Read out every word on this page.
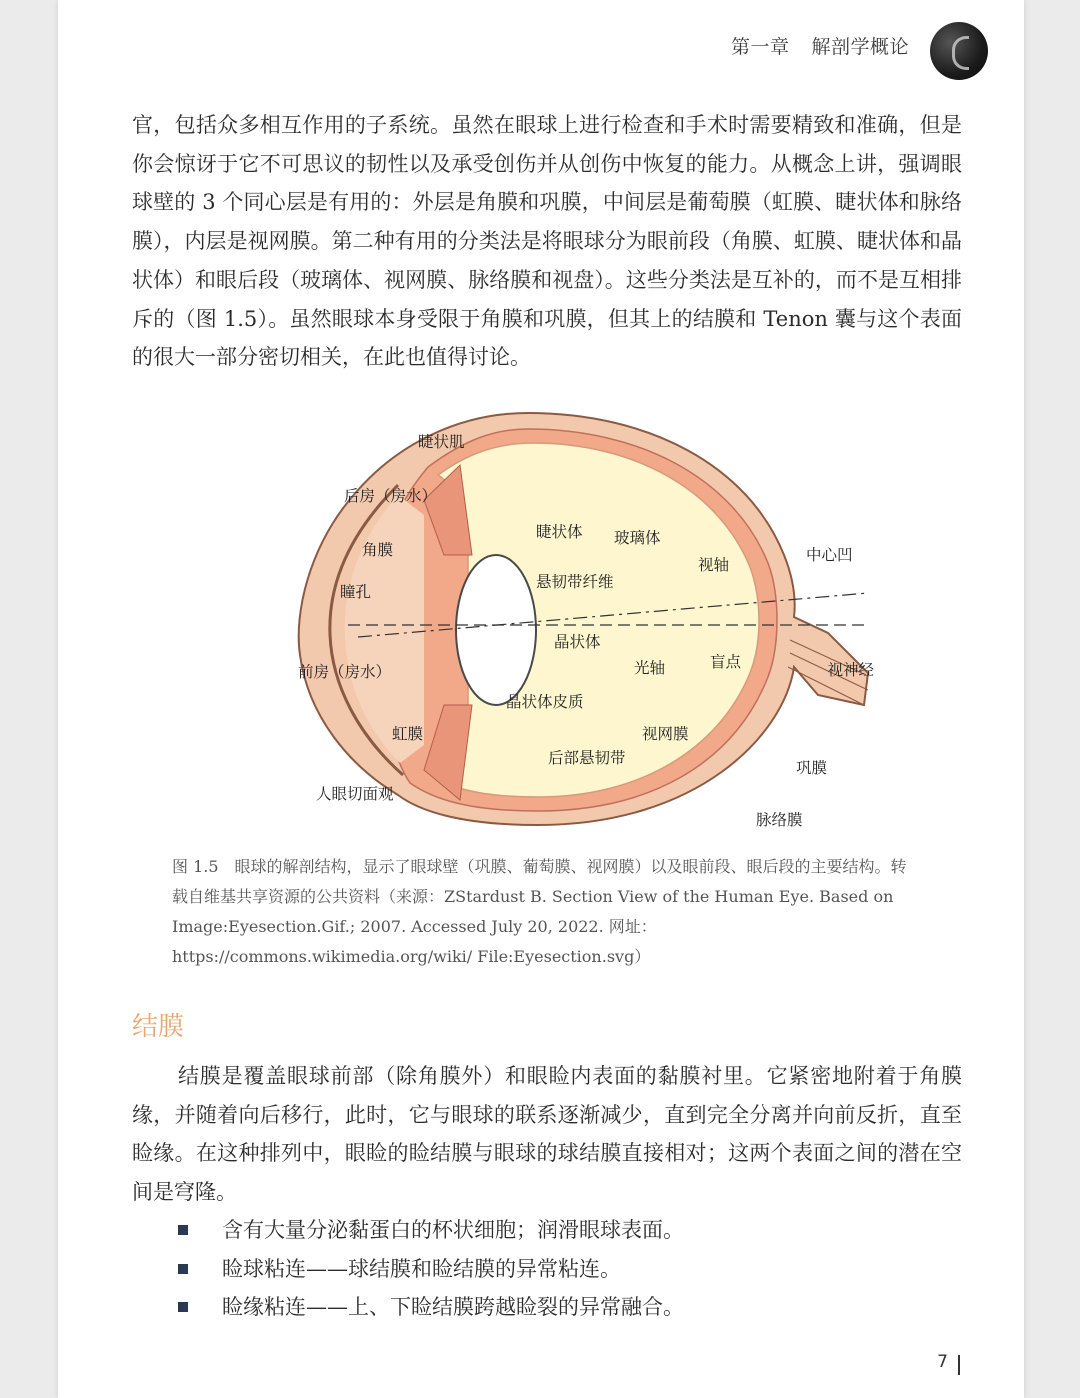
第一章 解剖学概论

官，包括众多相互作用的子系统。虽然在眼球上进行检查和手术时需要精致和准确，但是你会惊讶于它不可思议的韧性以及承受创伤并从创伤中恢复的能力。从概念上讲，强调眼球壁的 3 个同心层是有用的：外层是角膜和巩膜，中间层是葡萄膜（虹膜、睫状体和脉络膜），内层是视网膜。第二种有用的分类法是将眼球分为眼前段（角膜、虹膜、睫状体和晶状体）和眼后段（玻璃体、视网膜、脉络膜和视盘）。这些分类法是互补的，而不是互相排斥的（图 1.5）。虽然眼球本身受限于角膜和巩膜，但其上的结膜和 Tenon 囊与这个表面的很大一部分密切相关，在此也值得讨论。

睫状肌
后房（房水）
角膜
瞳孔
前房（房水）
虹膜
人眼切面观
睫状体 玻璃体
悬韧带纤维
晶状体
晶状体皮质
后部悬韧带
视轴
光轴
中心凹
盲点	视神经
视网膜
巩膜
脉络膜

图 1.5　眼球的解剖结构，显示了眼球壁（巩膜、葡萄膜、视网膜）以及眼前段、眼后段的主要结构。转载自维基共享资源的公共资料（来源：ZStardust B. Section View of the Human Eye. Based on Image:Eyesection.Gif.; 2007. Accessed July 20, 2022. 网址：https://commons.wikimedia.org/wiki/ File:Eyesection.svg）

结膜

结膜是覆盖眼球前部（除角膜外）和眼睑内表面的黏膜衬里。它紧密地附着于角膜缘，并随着向后移行，此时，它与眼球的联系逐渐减少，直到完全分离并向前反折，直至睑缘。在这种排列中，眼睑的睑结膜与眼球的球结膜直接相对；这两个表面之间的潜在空间是穹隆。

含有大量分泌黏蛋白的杯状细胞；润滑眼球表面。
睑球粘连——球结膜和睑结膜的异常粘连。
睑缘粘连——上、下睑结膜跨越睑裂的异常融合。
7
